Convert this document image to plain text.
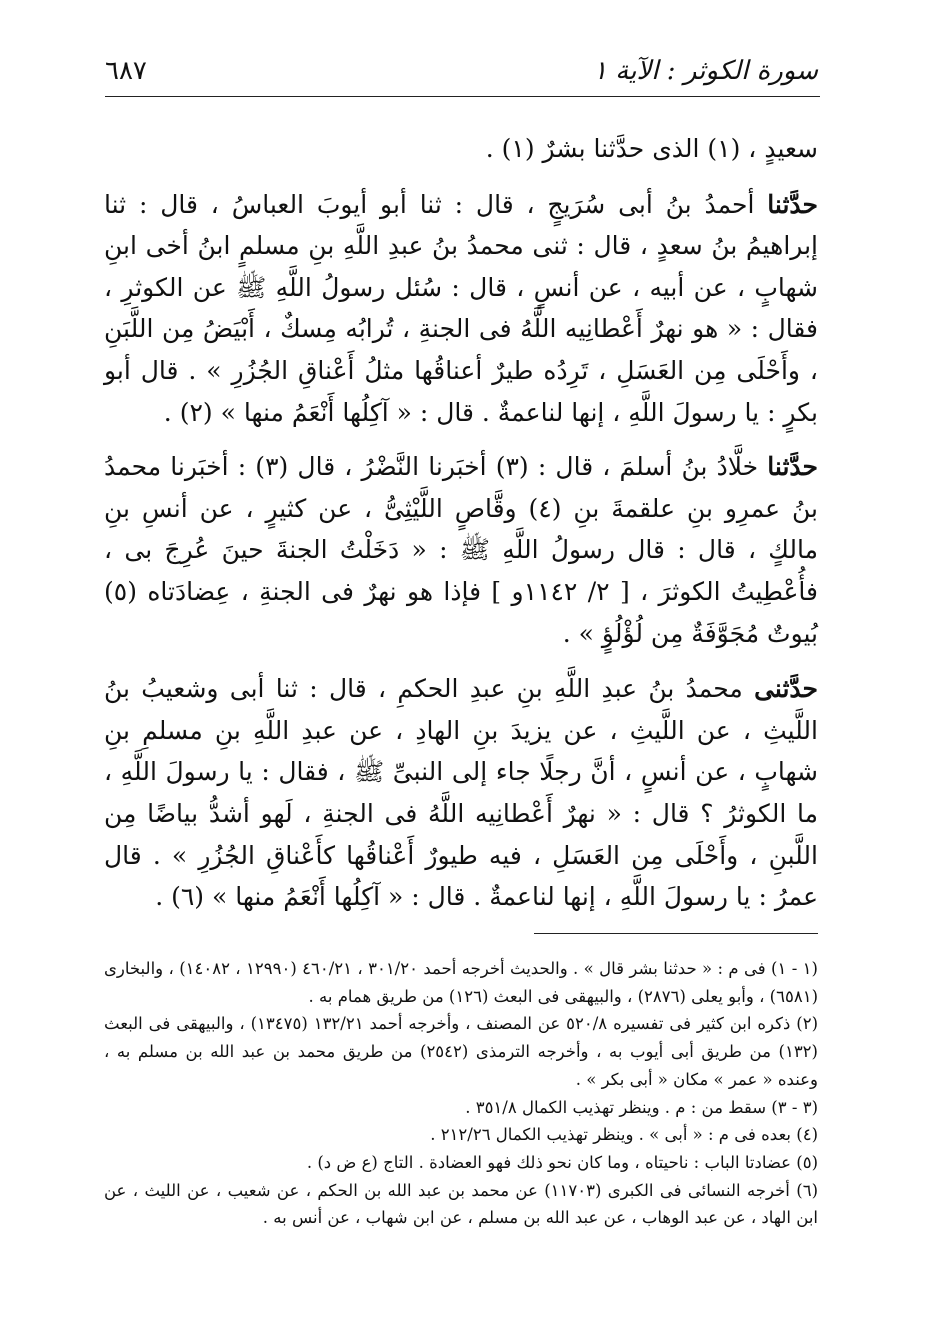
٦٨٧	سورة الكوثر : الآية ١

سعيدٍ ، (١) الذى حدَّثنا بشرٌ (١) .

حدَّثنا أحمدُ بنُ أبى سُرَيجٍ ، قال : ثنا أبو أيوبَ العباسُ ، قال : ثنا إبراهيمُ بنُ سعدٍ ، قال : ثنى محمدُ بنُ عبدِ اللَّهِ بنِ مسلمٍ ابنُ أخى ابنِ شهابٍ ، عن أبيه ، عن أنسٍ ، قال : سُئل رسولُ اللَّهِ ﷺ عن الكوثرِ ، فقال : « هو نهرٌ أَعْطانِيه اللَّهُ فى الجنةِ ، تُرابُه مِسكٌ ، أَبْيَضُ مِن اللَّبَنِ ، وأَحْلَى مِن العَسَلِ ، تَرِدُه طيرٌ أعناقُها مثلُ أَعْناقِ الجُزُرِ » . قال أبو بكرٍ : يا رسولَ اللَّهِ ، إنها لناعمةٌ . قال : « آكِلُها أَنْعَمُ منها » (٢) .

حدَّثنا خلَّادُ بنُ أسلمَ ، قال : (٣) أخبَرنا النَّضْرُ ، قال (٣) : أخبَرنا محمدُ بنُ عمرِو بنِ علقمةَ بنِ (٤) وقَّاصٍ اللَّيْثِىُّ ، عن كثيرٍ ، عن أنسِ بنِ مالكٍ ، قال : قال رسولُ اللَّهِ ﷺ : « دَخَلْتُ الجنةَ حينَ عُرِجَ بى ، فأُعْطِيتُ الكوثرَ ، [ ٢/ ١١٤٢و ] فإذا هو نهرٌ فى الجنةِ ، عِضادَتاه (٥) بُيوتٌ مُجَوَّفَةٌ مِن لُؤْلُؤٍ » .

حدَّثنى محمدُ بنُ عبدِ اللَّهِ بنِ عبدِ الحكمِ ، قال : ثنا أبى وشعيبُ بنُ اللَّيثِ ، عن اللَّيثِ ، عن يزيدَ بنِ الهادِ ، عن عبدِ اللَّهِ بنِ مسلمِ بنِ شهابٍ ، عن أنسٍ ، أنَّ رجلًا جاء إلى النبىِّ ﷺ ، فقال : يا رسولَ اللَّهِ ، ما الكوثرُ ؟ قال : « نهرٌ أَعْطانِيه اللَّهُ فى الجنةِ ، لَهو أشدُّ بياضًا مِن اللَّبنِ ، وأَحْلَى مِن العَسَلِ ، فيه طيورٌ أَعْناقُها كأَعْناقِ الجُزُرِ » . قال عمرُ : يا رسولَ اللَّهِ ، إنها لناعمةٌ . قال : « آكِلُها أَنْعَمُ منها » (٦) .

(١ - ١) فى م : « حدثنا بشر قال » . والحديث أخرجه أحمد ٣٠١/٢٠ ، ٤٦٠/٢١ (١٢٩٩٠ ، ١٤٠٨٢) ، والبخارى (٦٥٨١) ، وأبو يعلى (٢٨٧٦) ، والبيهقى فى البعث (١٢٦) من طريق همام به .

(٢) ذكره ابن كثير فى تفسيره ٥٢٠/٨ عن المصنف ، وأخرجه أحمد ١٣٢/٢١ (١٣٤٧٥) ، والبيهقى فى البعث (١٣٢) من طريق أبى أيوب به ، وأخرجه الترمذى (٢٥٤٢) من طريق محمد بن عبد الله بن مسلم به ، وعنده « عمر » مكان « أبى بكر » .

(٣ - ٣) سقط من : م . وينظر تهذيب الكمال ٣٥١/٨ .

(٤) بعده فى م : « أبى » . وينظر تهذيب الكمال ٢١٢/٢٦ .

(٥) عضادتا الباب : ناحيتاه ، وما كان نحو ذلك فهو العضادة . التاج (ع ض د) .

(٦) أخرجه النسائى فى الكبرى (١١٧٠٣) عن محمد بن عبد الله بن الحكم ، عن شعيب ، عن الليث ، عن ابن الهاد ، عن عبد الوهاب ، عن عبد الله بن مسلم ، عن ابن شهاب ، عن أنس به .
